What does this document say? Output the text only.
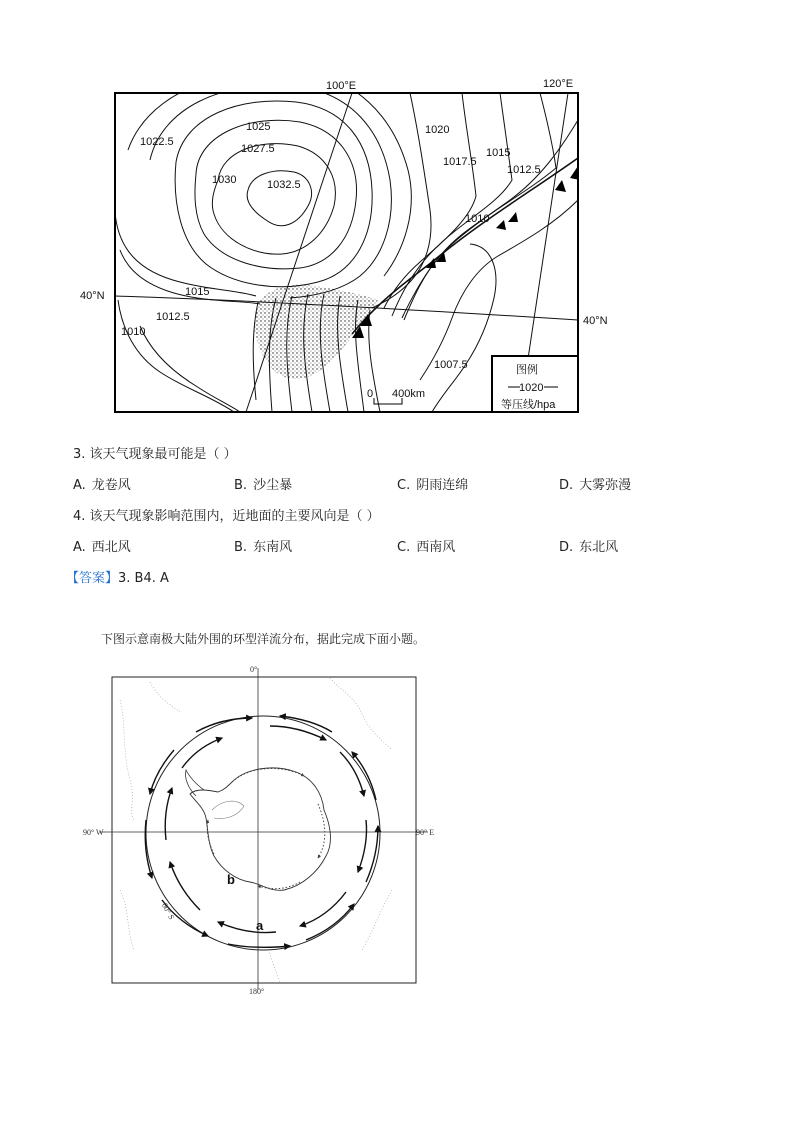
100°E	120°E
40°N
40°N
1025
1022.5
1027.5
1030	1032.5
1020
1017.5
1015
1012.5
1010
1015
1012.5
1010
1007.5
0 400km
图例
1020
等压线/hpa
3. 该天气现象最可能是（ ）
A. 龙卷风	B. 沙尘暴	C. 阴雨连绵	D. 大雾弥漫
4. 该天气现象影响范围内，近地面的主要风向是（ ）
A. 西北风	B. 东南风	C. 西南风	D. 东北风
【答案】3. B4. A
下图示意南极大陆外围的环型洋流分布，据此完成下面小题。
0°
90° W	90° E
180°
60° S
a
b
